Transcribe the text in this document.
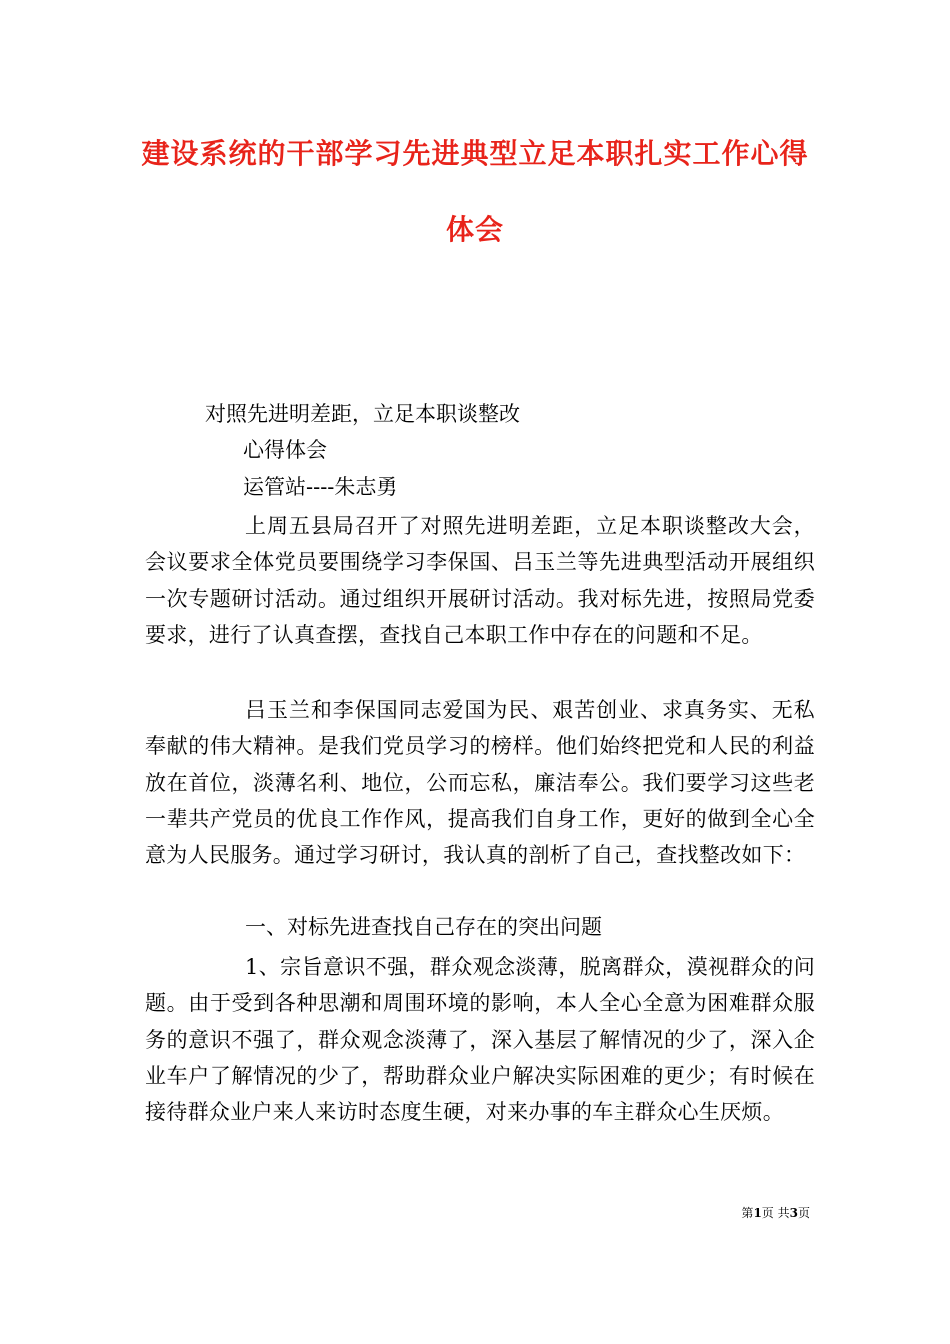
建设系统的干部学习先进典型立足本职扎实工作心得
体会
对照先进明差距，立足本职谈整改
心得体会
运管站----朱志勇
上周五县局召开了对照先进明差距，立足本职谈整改大会，会议要求全体党员要围绕学习李保国、吕玉兰等先进典型活动开展组织一次专题研讨活动。通过组织开展研讨活动。我对标先进，按照局党委要求，进行了认真查摆，查找自己本职工作中存在的问题和不足。
吕玉兰和李保国同志爱国为民、艰苦创业、求真务实、无私奉献的伟大精神。是我们党员学习的榜样。他们始终把党和人民的利益放在首位，淡薄名利、地位，公而忘私，廉洁奉公。我们要学习这些老一辈共产党员的优良工作作风，提高我们自身工作，更好的做到全心全意为人民服务。通过学习研讨，我认真的剖析了自己，查找整改如下：
一、对标先进查找自己存在的突出问题
1、宗旨意识不强，群众观念淡薄，脱离群众，漠视群众的问题。由于受到各种思潮和周围环境的影响，本人全心全意为困难群众服务的意识不强了，群众观念淡薄了，深入基层了解情况的少了，深入企业车户了解情况的少了，帮助群众业户解决实际困难的更少；有时候在接待群众业户来人来访时态度生硬，对来办事的车主群众心生厌烦。
第1页 共3页
